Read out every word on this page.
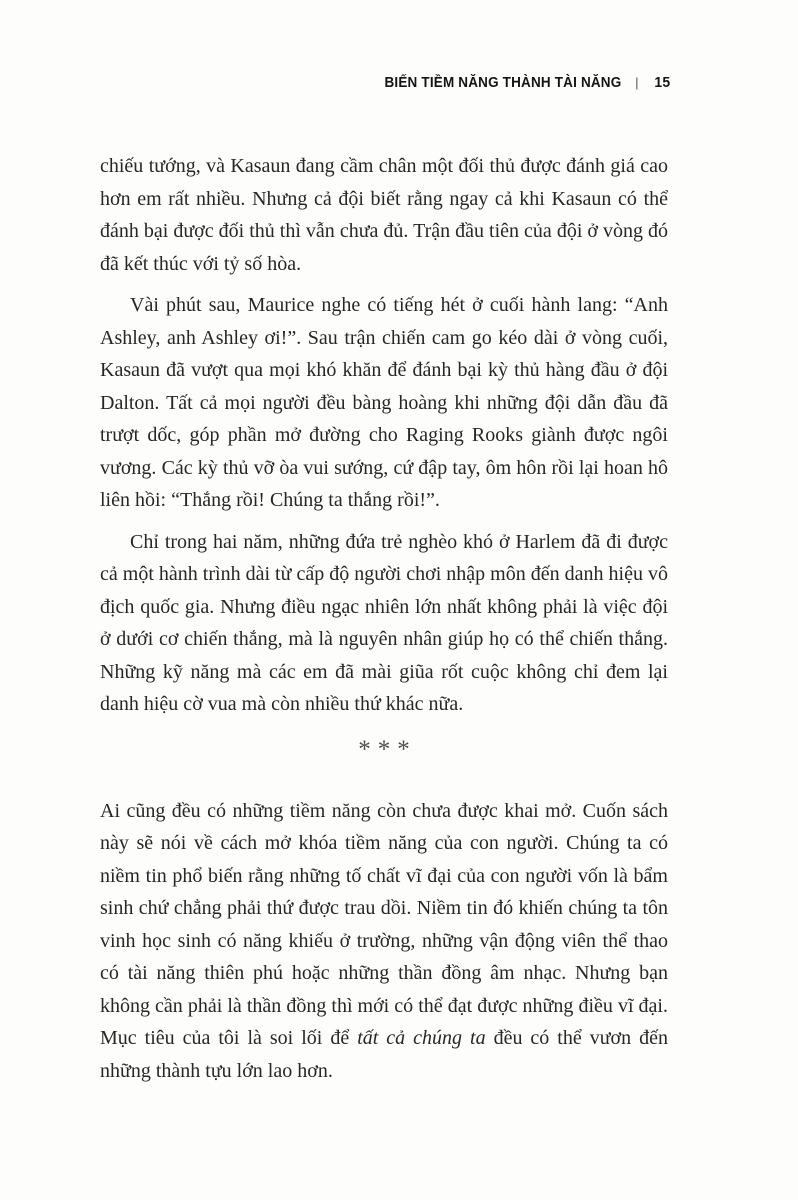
BIẾN TIỀM NĂNG THÀNH TÀI NĂNG | 15

chiếu tướng, và Kasaun đang cầm chân một đối thủ được đánh giá cao hơn em rất nhiều. Nhưng cả đội biết rằng ngay cả khi Kasaun có thể đánh bại được đối thủ thì vẫn chưa đủ. Trận đầu tiên của đội ở vòng đó đã kết thúc với tỷ số hòa.

Vài phút sau, Maurice nghe có tiếng hét ở cuối hành lang: “Anh Ashley, anh Ashley ơi!”. Sau trận chiến cam go kéo dài ở vòng cuối, Kasaun đã vượt qua mọi khó khăn để đánh bại kỳ thủ hàng đầu ở đội Dalton. Tất cả mọi người đều bàng hoàng khi những đội dẫn đầu đã trượt dốc, góp phần mở đường cho Raging Rooks giành được ngôi vương. Các kỳ thủ vỡ òa vui sướng, cứ đập tay, ôm hôn rồi lại hoan hô liên hồi: “Thắng rồi! Chúng ta thắng rồi!”.

Chỉ trong hai năm, những đứa trẻ nghèo khó ở Harlem đã đi được cả một hành trình dài từ cấp độ người chơi nhập môn đến danh hiệu vô địch quốc gia. Nhưng điều ngạc nhiên lớn nhất không phải là việc đội ở dưới cơ chiến thắng, mà là nguyên nhân giúp họ có thể chiến thắng. Những kỹ năng mà các em đã mài giũa rốt cuộc không chỉ đem lại danh hiệu cờ vua mà còn nhiều thứ khác nữa.

***

Ai cũng đều có những tiềm năng còn chưa được khai mở. Cuốn sách này sẽ nói về cách mở khóa tiềm năng của con người. Chúng ta có niềm tin phổ biến rằng những tố chất vĩ đại của con người vốn là bẩm sinh chứ chẳng phải thứ được trau dồi. Niềm tin đó khiến chúng ta tôn vinh học sinh có năng khiếu ở trường, những vận động viên thể thao có tài năng thiên phú hoặc những thần đồng âm nhạc. Nhưng bạn không cần phải là thần đồng thì mới có thể đạt được những điều vĩ đại. Mục tiêu của tôi là soi lối để tất cả chúng ta đều có thể vươn đến những thành tựu lớn lao hơn.
